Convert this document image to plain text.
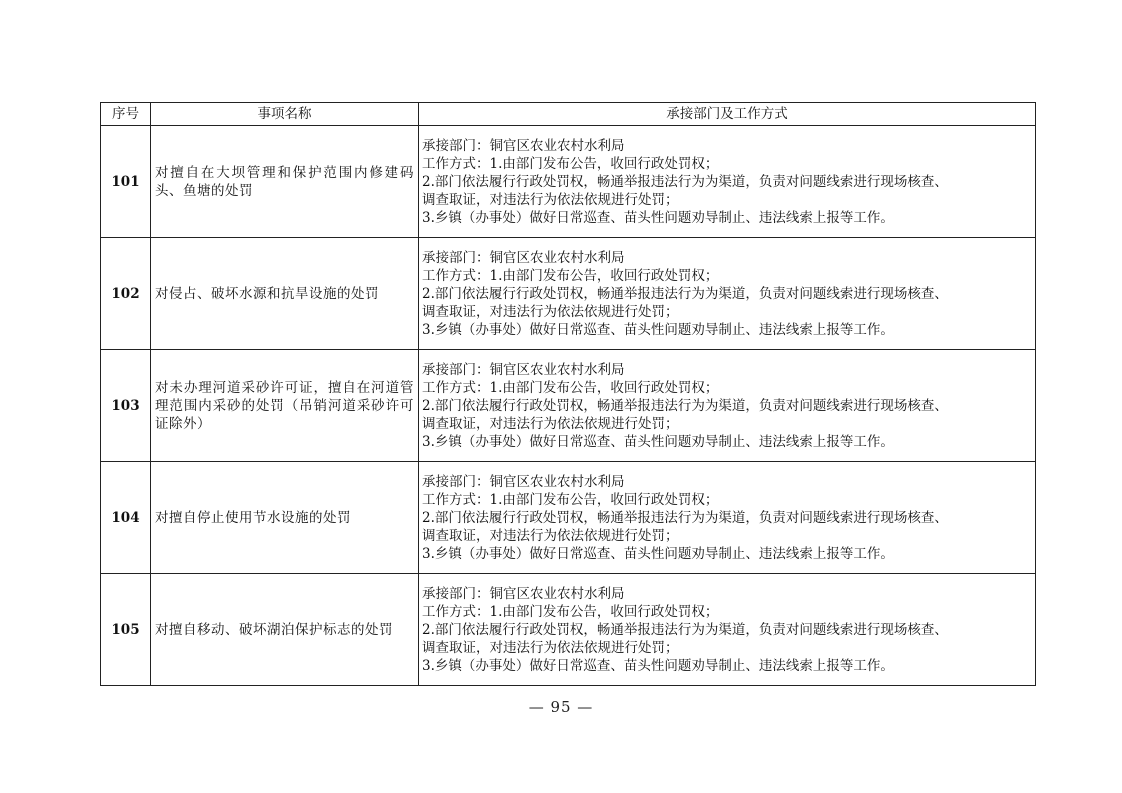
序号	事项名称	承接部门及工作方式
101	对擅自在大坝管理和保护范围内修建码头、鱼塘的处罚	承接部门：铜官区农业农村水利局
工作方式：1.由部门发布公告，收回行政处罚权；
2.部门依法履行行政处罚权，畅通举报违法行为为渠道，负责对问题线索进行现场核查、
调查取证，对违法行为依法依规进行处罚；
3.乡镇（办事处）做好日常巡查、苗头性问题劝导制止、违法线索上报等工作。

102	对侵占、破坏水源和抗旱设施的处罚	承接部门：铜官区农业农村水利局
工作方式：1.由部门发布公告，收回行政处罚权；
2.部门依法履行行政处罚权，畅通举报违法行为为渠道，负责对问题线索进行现场核查、
调查取证，对违法行为依法依规进行处罚；
3.乡镇（办事处）做好日常巡查、苗头性问题劝导制止、违法线索上报等工作。

103	对未办理河道采砂许可证，擅自在河道管理范围内采砂的处罚（吊销河道采砂许可证除外）	承接部门：铜官区农业农村水利局
工作方式：1.由部门发布公告，收回行政处罚权；
2.部门依法履行行政处罚权，畅通举报违法行为为渠道，负责对问题线索进行现场核查、
调查取证，对违法行为依法依规进行处罚；
3.乡镇（办事处）做好日常巡查、苗头性问题劝导制止、违法线索上报等工作。

104	对擅自停止使用节水设施的处罚	承接部门：铜官区农业农村水利局
工作方式：1.由部门发布公告，收回行政处罚权；
2.部门依法履行行政处罚权，畅通举报违法行为为渠道，负责对问题线索进行现场核查、
调查取证，对违法行为依法依规进行处罚；
3.乡镇（办事处）做好日常巡查、苗头性问题劝导制止、违法线索上报等工作。

105	对擅自移动、破坏湖泊保护标志的处罚	承接部门：铜官区农业农村水利局
工作方式：1.由部门发布公告，收回行政处罚权；
2.部门依法履行行政处罚权，畅通举报违法行为为渠道，负责对问题线索进行现场核查、
调查取证，对违法行为依法依规进行处罚；
3.乡镇（办事处）做好日常巡查、苗头性问题劝导制止、违法线索上报等工作。
— 95 —
